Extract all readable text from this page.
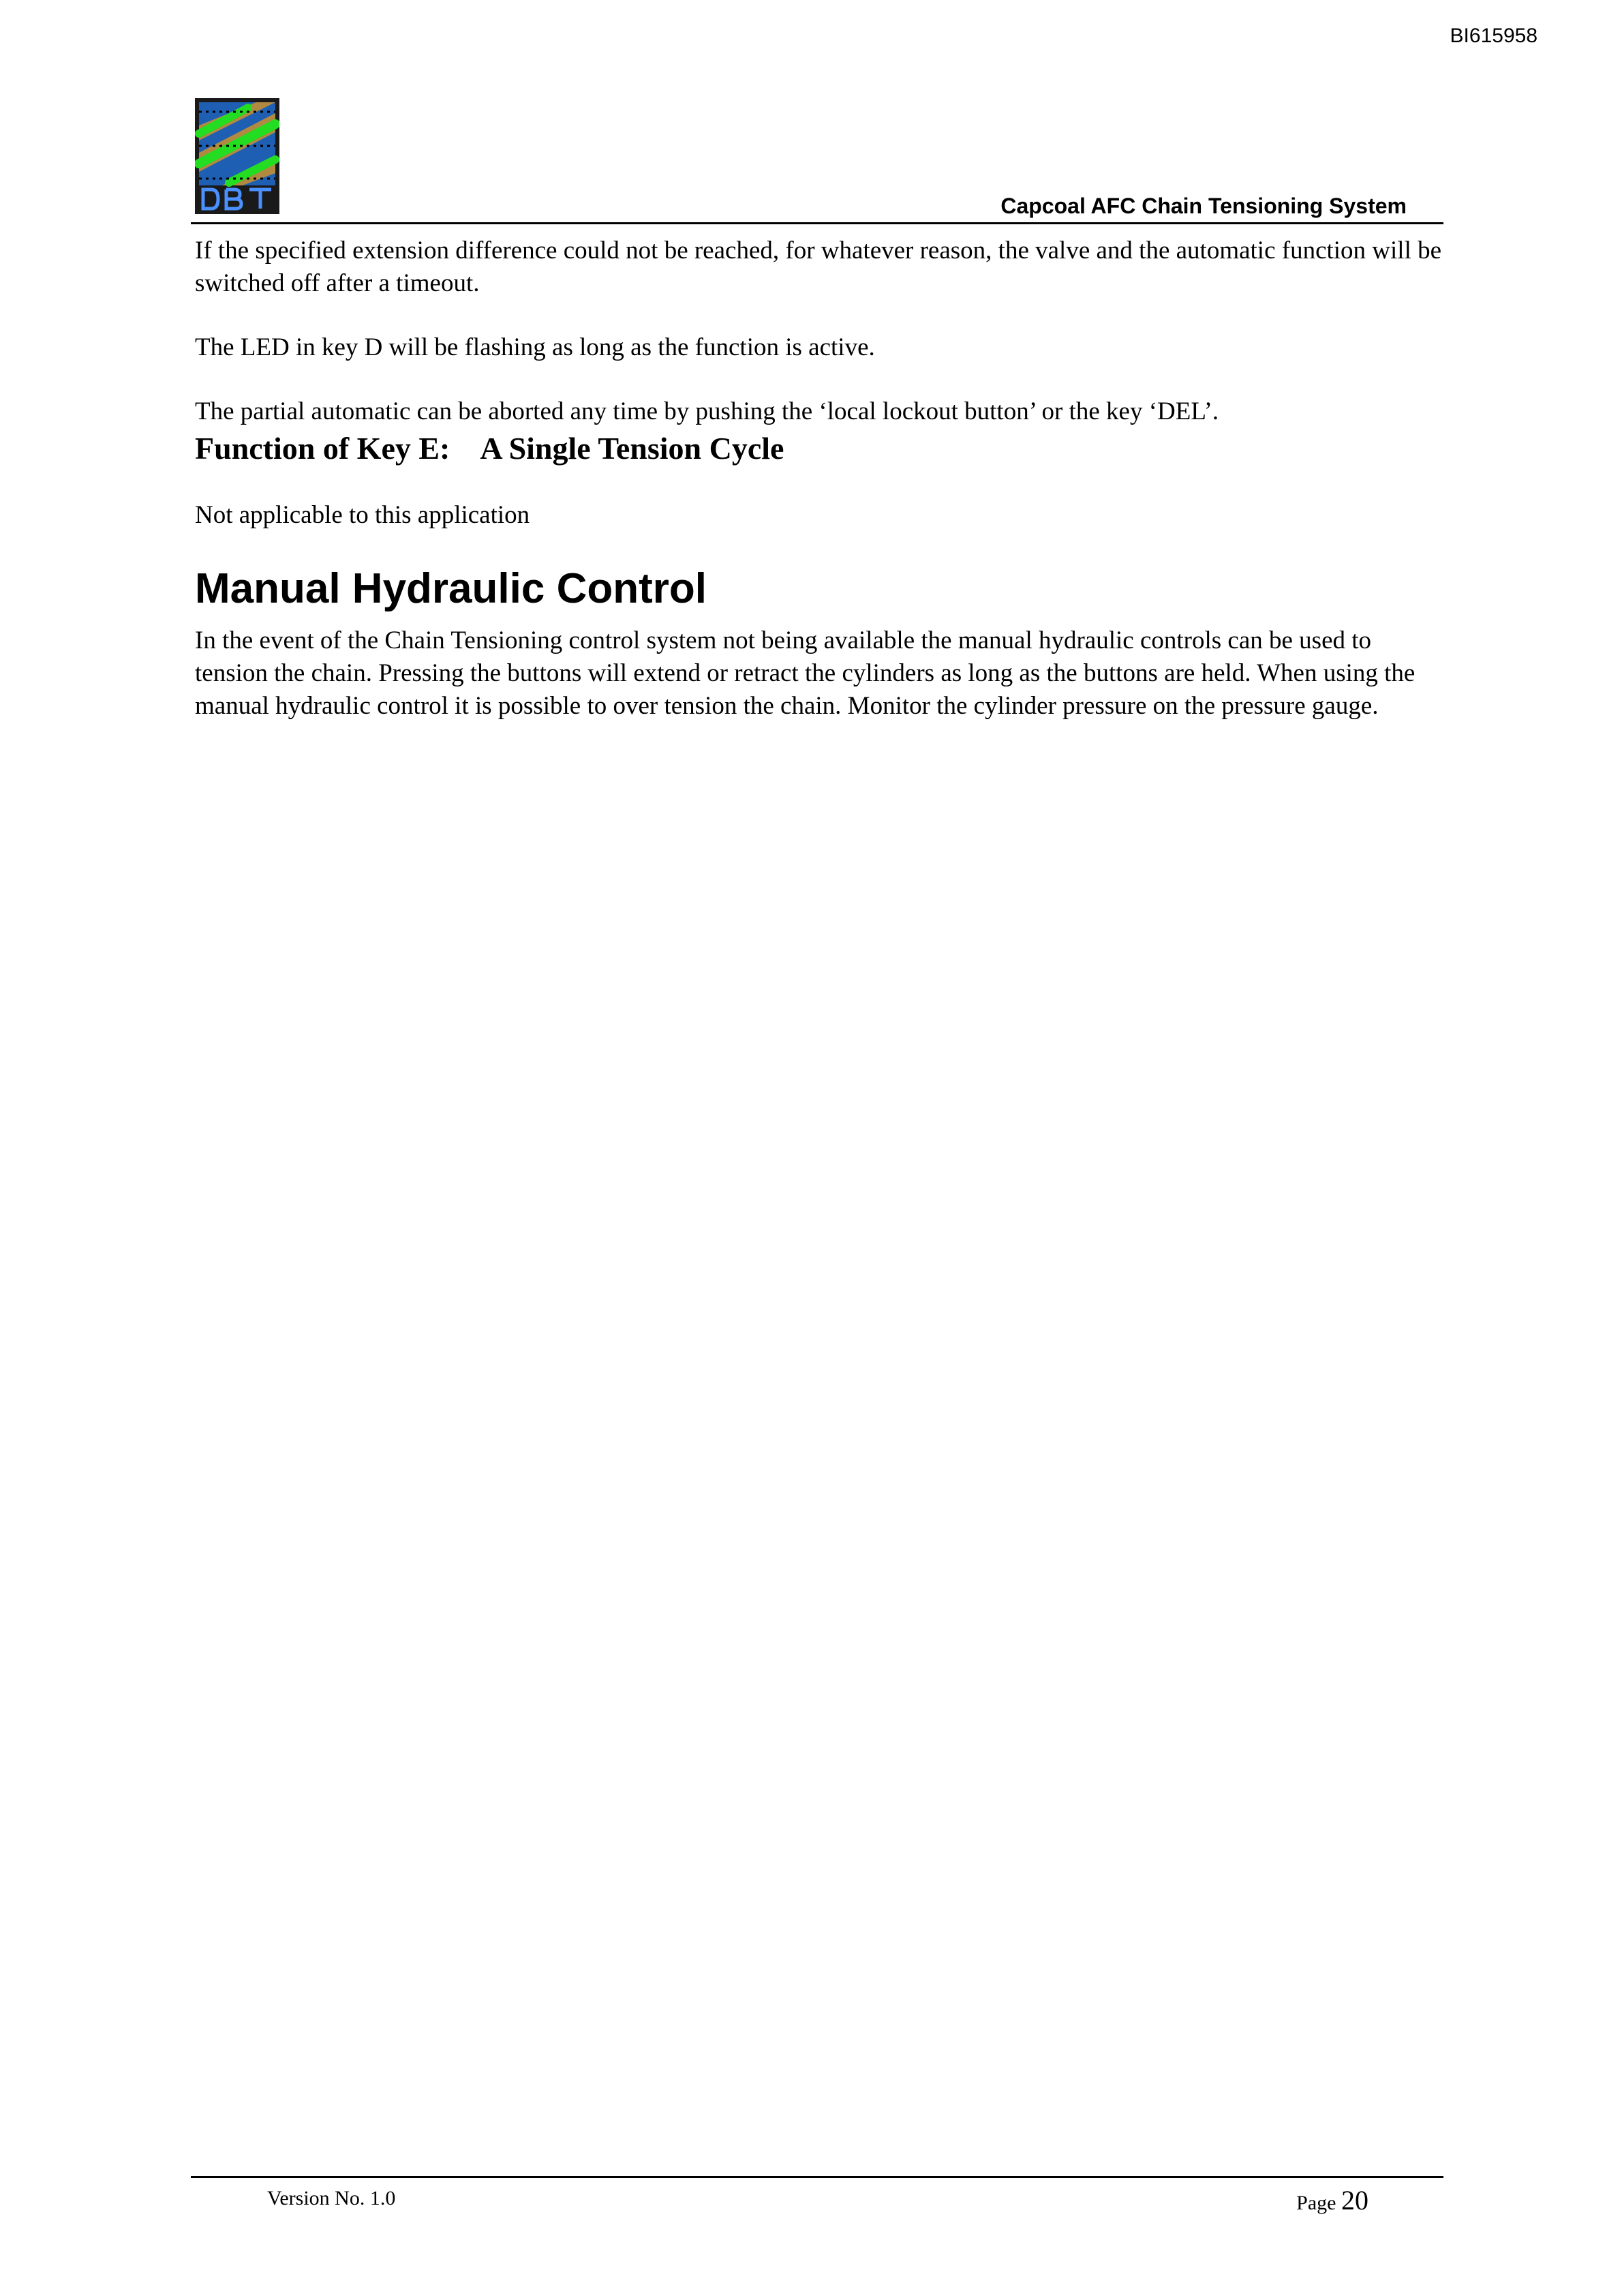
BI615958
Capcoal AFC Chain Tensioning System

If the specified extension difference could not be reached, for whatever reason, the valve and the automatic function will be switched off after a timeout.

The LED in key D will be flashing as long as the function is active.

The partial automatic can be aborted any time by pushing the ‘local lockout button’ or the key ‘DEL’.

Function of Key E: A Single Tension Cycle

Not applicable to this application

Manual Hydraulic Control

In the event of the Chain Tensioning control system not being available the manual hydraulic controls can be used to tension the chain. Pressing the buttons will extend or retract the cylinders as long as the buttons are held. When using the manual hydraulic control it is possible to over tension the chain. Monitor the cylinder pressure on the pressure gauge.

Version No. 1.0	Page 20
